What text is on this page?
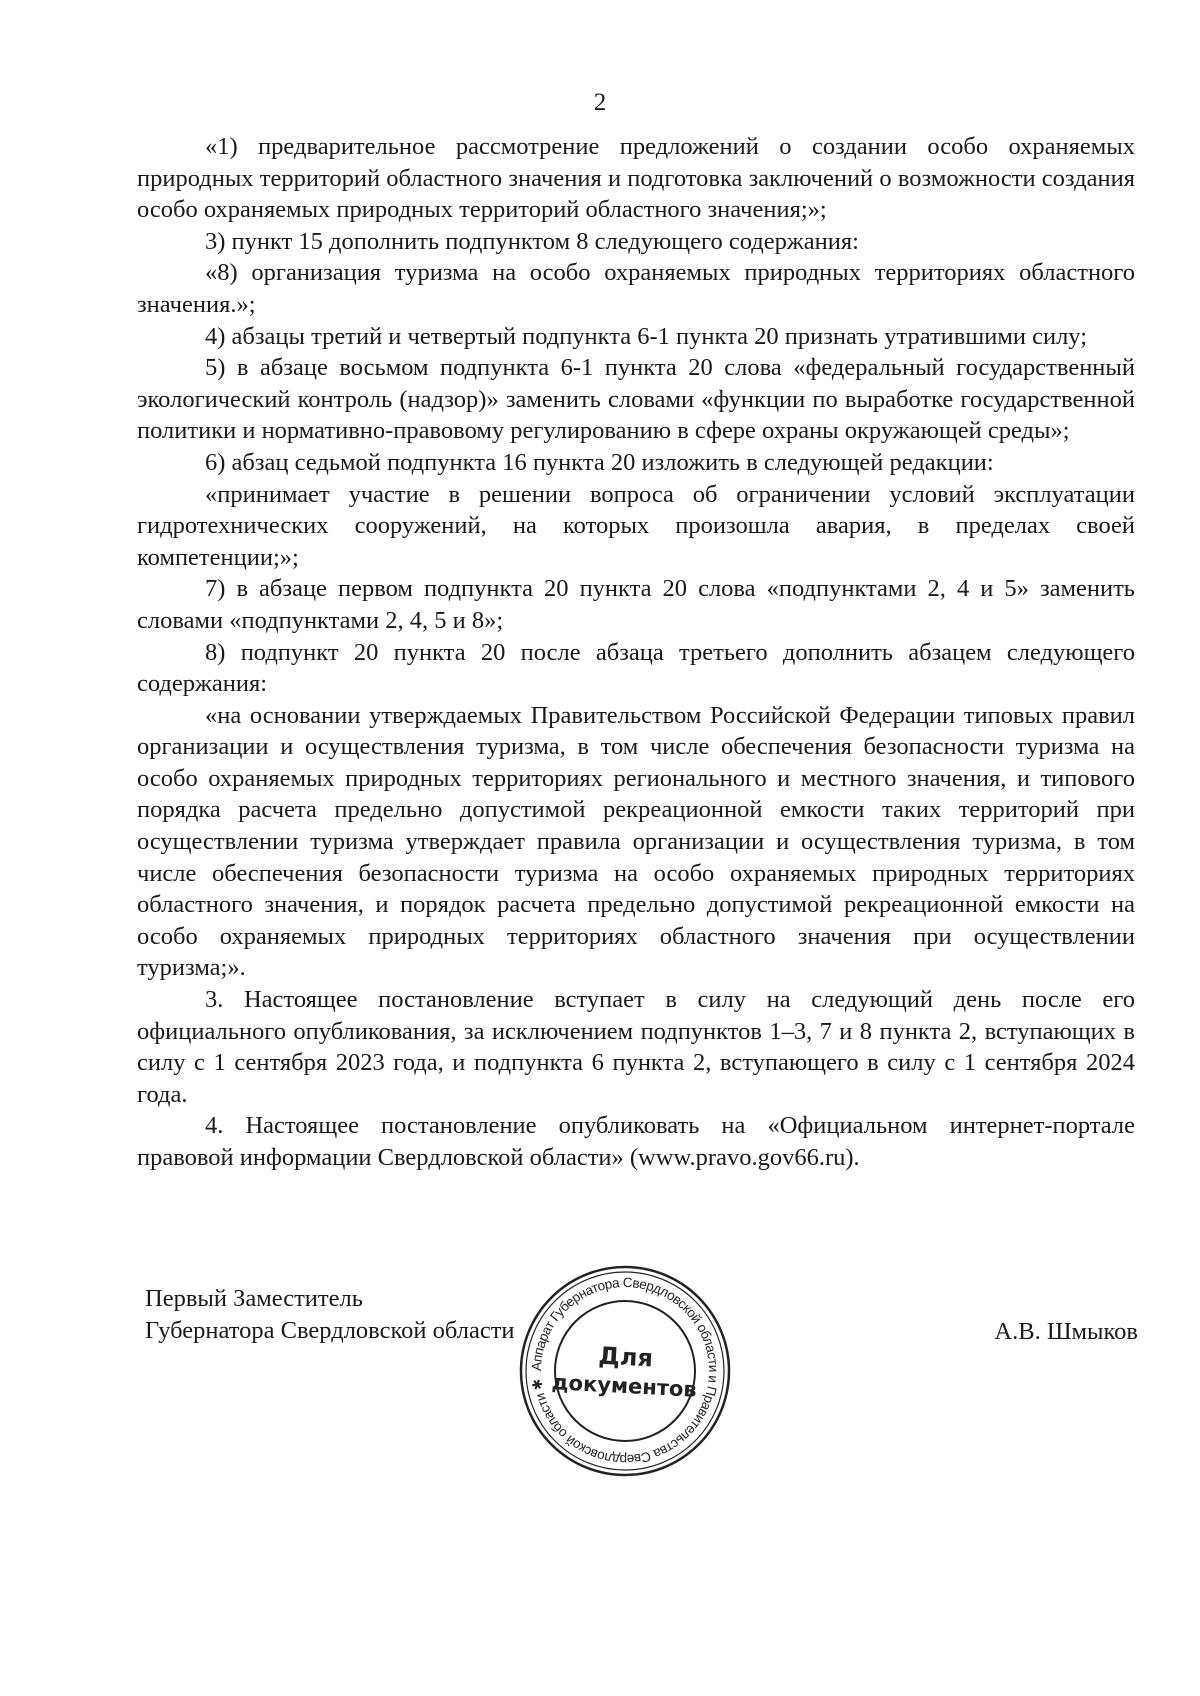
2

«1) предварительное рассмотрение предложений о создании особо охраняемых природных территорий областного значения и подготовка заключений о возможности создания особо охраняемых природных территорий областного значения;»;

3) пункт 15 дополнить подпунктом 8 следующего содержания:

«8) организация туризма на особо охраняемых природных территориях областного значения.»;

4) абзацы третий и четвертый подпункта 6-1 пункта 20 признать утратившими силу;

5) в абзаце восьмом подпункта 6-1 пункта 20 слова «федеральный государственный экологический контроль (надзор)» заменить словами «функции по выработке государственной политики и нормативно-правовому регулированию в сфере охраны окружающей среды»;

6) абзац седьмой подпункта 16 пункта 20 изложить в следующей редакции:

«принимает участие в решении вопроса об ограничении условий эксплуатации гидротехнических сооружений, на которых произошла авария, в пределах своей компетенции;»;

7) в абзаце первом подпункта 20 пункта 20 слова «подпунктами 2, 4 и 5» заменить словами «подпунктами 2, 4, 5 и 8»;

8) подпункт 20 пункта 20 после абзаца третьего дополнить абзацем следующего содержания:

«на основании утверждаемых Правительством Российской Федерации типовых правил организации и осуществления туризма, в том числе обеспечения безопасности туризма на особо охраняемых природных территориях регионального и местного значения, и типового порядка расчета предельно допустимой рекреационной емкости таких территорий при осуществлении туризма утверждает правила организации и осуществления туризма, в том числе обеспечения безопасности туризма на особо охраняемых природных территориях областного значения, и порядок расчета предельно допустимой рекреационной емкости на особо охраняемых природных территориях областного значения при осуществлении туризма;».

3. Настоящее постановление вступает в силу на следующий день после его официального опубликования, за исключением подпунктов 1–3, 7 и 8 пункта 2, вступающих в силу с 1 сентября 2023 года, и подпункта 6 пункта 2, вступающего в силу с 1 сентября 2024 года.

4. Настоящее постановление опубликовать на «Официальном интернет-портале правовой информации Свердловской области» (www.pravo.gov66.ru).

Первый Заместитель
Губернатора Свердловской области
Аппарат Губернатора Свердловской области и Правительства Свердловской области ✱
Для
документов
А.В. Шмыков
